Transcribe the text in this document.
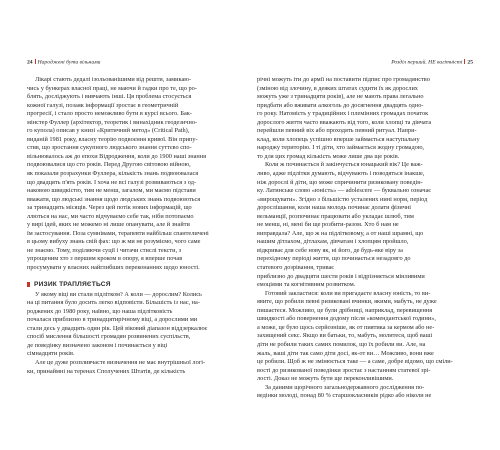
24 Народжені бути вільними
Лікарі стають дедалі ізольованішими від решти, замикаю-
чись у бункерах власної праці, не маючи й гадки про те, що ро-
блять, досліджують і вивчають інші. Ця проблема стосується
кожної галузі, позаяк інформації зростає в геометричній
прогресії, і стало просто неможливо бути в курсі всього. Бак-
мінстер Фуллер (архітектор, теоретик і винахідник геодезично-
го купола) описав у книзі «Критичний метод» (Critical Path),
виданій 1981 року, власну теорію подвоєння кривої. Він припу-
стив, що зростання сукупного людського знання суттєво спо-
вільнювалось аж до епохи Відродження, коли до 1900 наші знання
подвоювалися що сто років. Перед Другою світовою війною,
як показали розрахунки Фуллера, кількість знань подвоювалася
що двадцять п'ять років. І хоча не всі галузі розвиваються з од-
наковою швидкістю, тим не менш, загалом, ми маємо підстави
вважати, що людські знання щодо людських знань подвоюються
за тринадцять місяців. Через цей потік нових інформацій, що
ллються на нас, ми часто відчуваємо себе так, ніби потопаємо
у вирі ідей, яких не можемо ні лише опанувати, але й знайти
їм застосування. Поза сумнівами, терапевти найбільш спантеличені
в цьому вибуху знань свій фах: що ж ми не розуміємо, чого саме
не знаємо. Тому, поділяючи суції і читачи стислі тексти, з
упрощеним хто з першим кроком в опору, я вперше почав
просумувати у власних найглибших переконаннях щодо юності.
РИЗИК ТРАПЛЯЄТЬСЯ
У якому віці ви стали підлітком? А коли — дорослим? Колись
на ці питання було досить легко відповісти. Більшість із нас, на-
роджених до 1980 року, наївно, що наша підлітковість
почалася приблизно в тринадцятирічному віці, а дорослими ми
стали десь у двадцять один рік. Цей віковий діапазон віддзеркалює
спосіб мислення більшості громадян розвинених суспільств,
де поведінку визначено законом і починається у віці
сімнадцяти років.
Але це дуже розпливчасте визначення не має внутрішньої логі-
ки, принаймні на теренах Сполучених Штатів, де кількість
Розділ перший. НЕ вагітністі 25
річні можуть іти до армії на поставити підпис про громадянство
(зміною від злочину, в деяких штатах судити їх як дорослих
можуть уже з тринадцяти років), але не мають права легально
придбати або вживати алкоголь до досягнення двадцять одно-
го року. Натомість у традиційних і племінних громадах початок
дорослого життя часто вважають від того, коли хлопці та дівчата
перейшли певний віх або проходять певний ритуал. Напри-
клад, коли хлопець успішно вперше займається наступальну
народжу територію. І ті діти, хто займається жодну громадою,
то для цих громад кількість може лише два ще років.
Коли ж починається й закінчується юнацький вік? Це важ-
ливо, адже підлітки думають, відчувають і поводяться інакше,
ніж дорослі й діти, що може спричинити ризиковану поведін-
ку. Латинське слово «юність» — adolescere — буквально означає
«вирощувати». Згідно з більшістю усталених нині норм, період
дорослішання, коли наша молодь починає долати фізичні
вельманції, розпочинає працювати або укладає шлюб, тим
не менш, ні, мені би ще розбити-разом. Хто б нам не
виправдала? Але, що ж на підлітковому, а от наші шрамні, що
нашим дітлахом, дітлахам, дівчатам і хлопцям пройшло,
відкриває для себе нову як, ні його, де будь-яке віру за
перехідному періоді життя, що починається незадовго до
статевого дозрівання, триває
приблизно до двадцяти шести років і відрізняється мінливими
емоціями та когнітивним розвитком.
Готовий закластися: коли ви пригадаєте власну юність, то ви-
явите, що робили певні ризиковані вчинки, якими, мабуть, не дуже
пишаєтеся. Можливо, це були дрібниці, наприклад, перевищення
швидкості або повернення додому після «комендантської години»,
а може, це було щось серйозніше, як от пиятика за кермом або не-
захищений секс. Якщо ви батьки, то, мабуть, молитеся, щоб ваші
діти не робили таких самих помилок, що їх робили ви. Але, на
жаль, ваші діти так само діти досі, як-от ви… Можливо, вони вже
це робили. Щоб ж не змінюється таке — а саме, добре відомо, що сміли-
вості до ризикованої поведінки зростає з настанням статевої зрі-
лості. Доказ не можуть бути ще переконливішими.
За даними щорічного загальнодержавного дослідження по-
ведінки молоді, понад 80 % старшокласників рідко або ніколи не
